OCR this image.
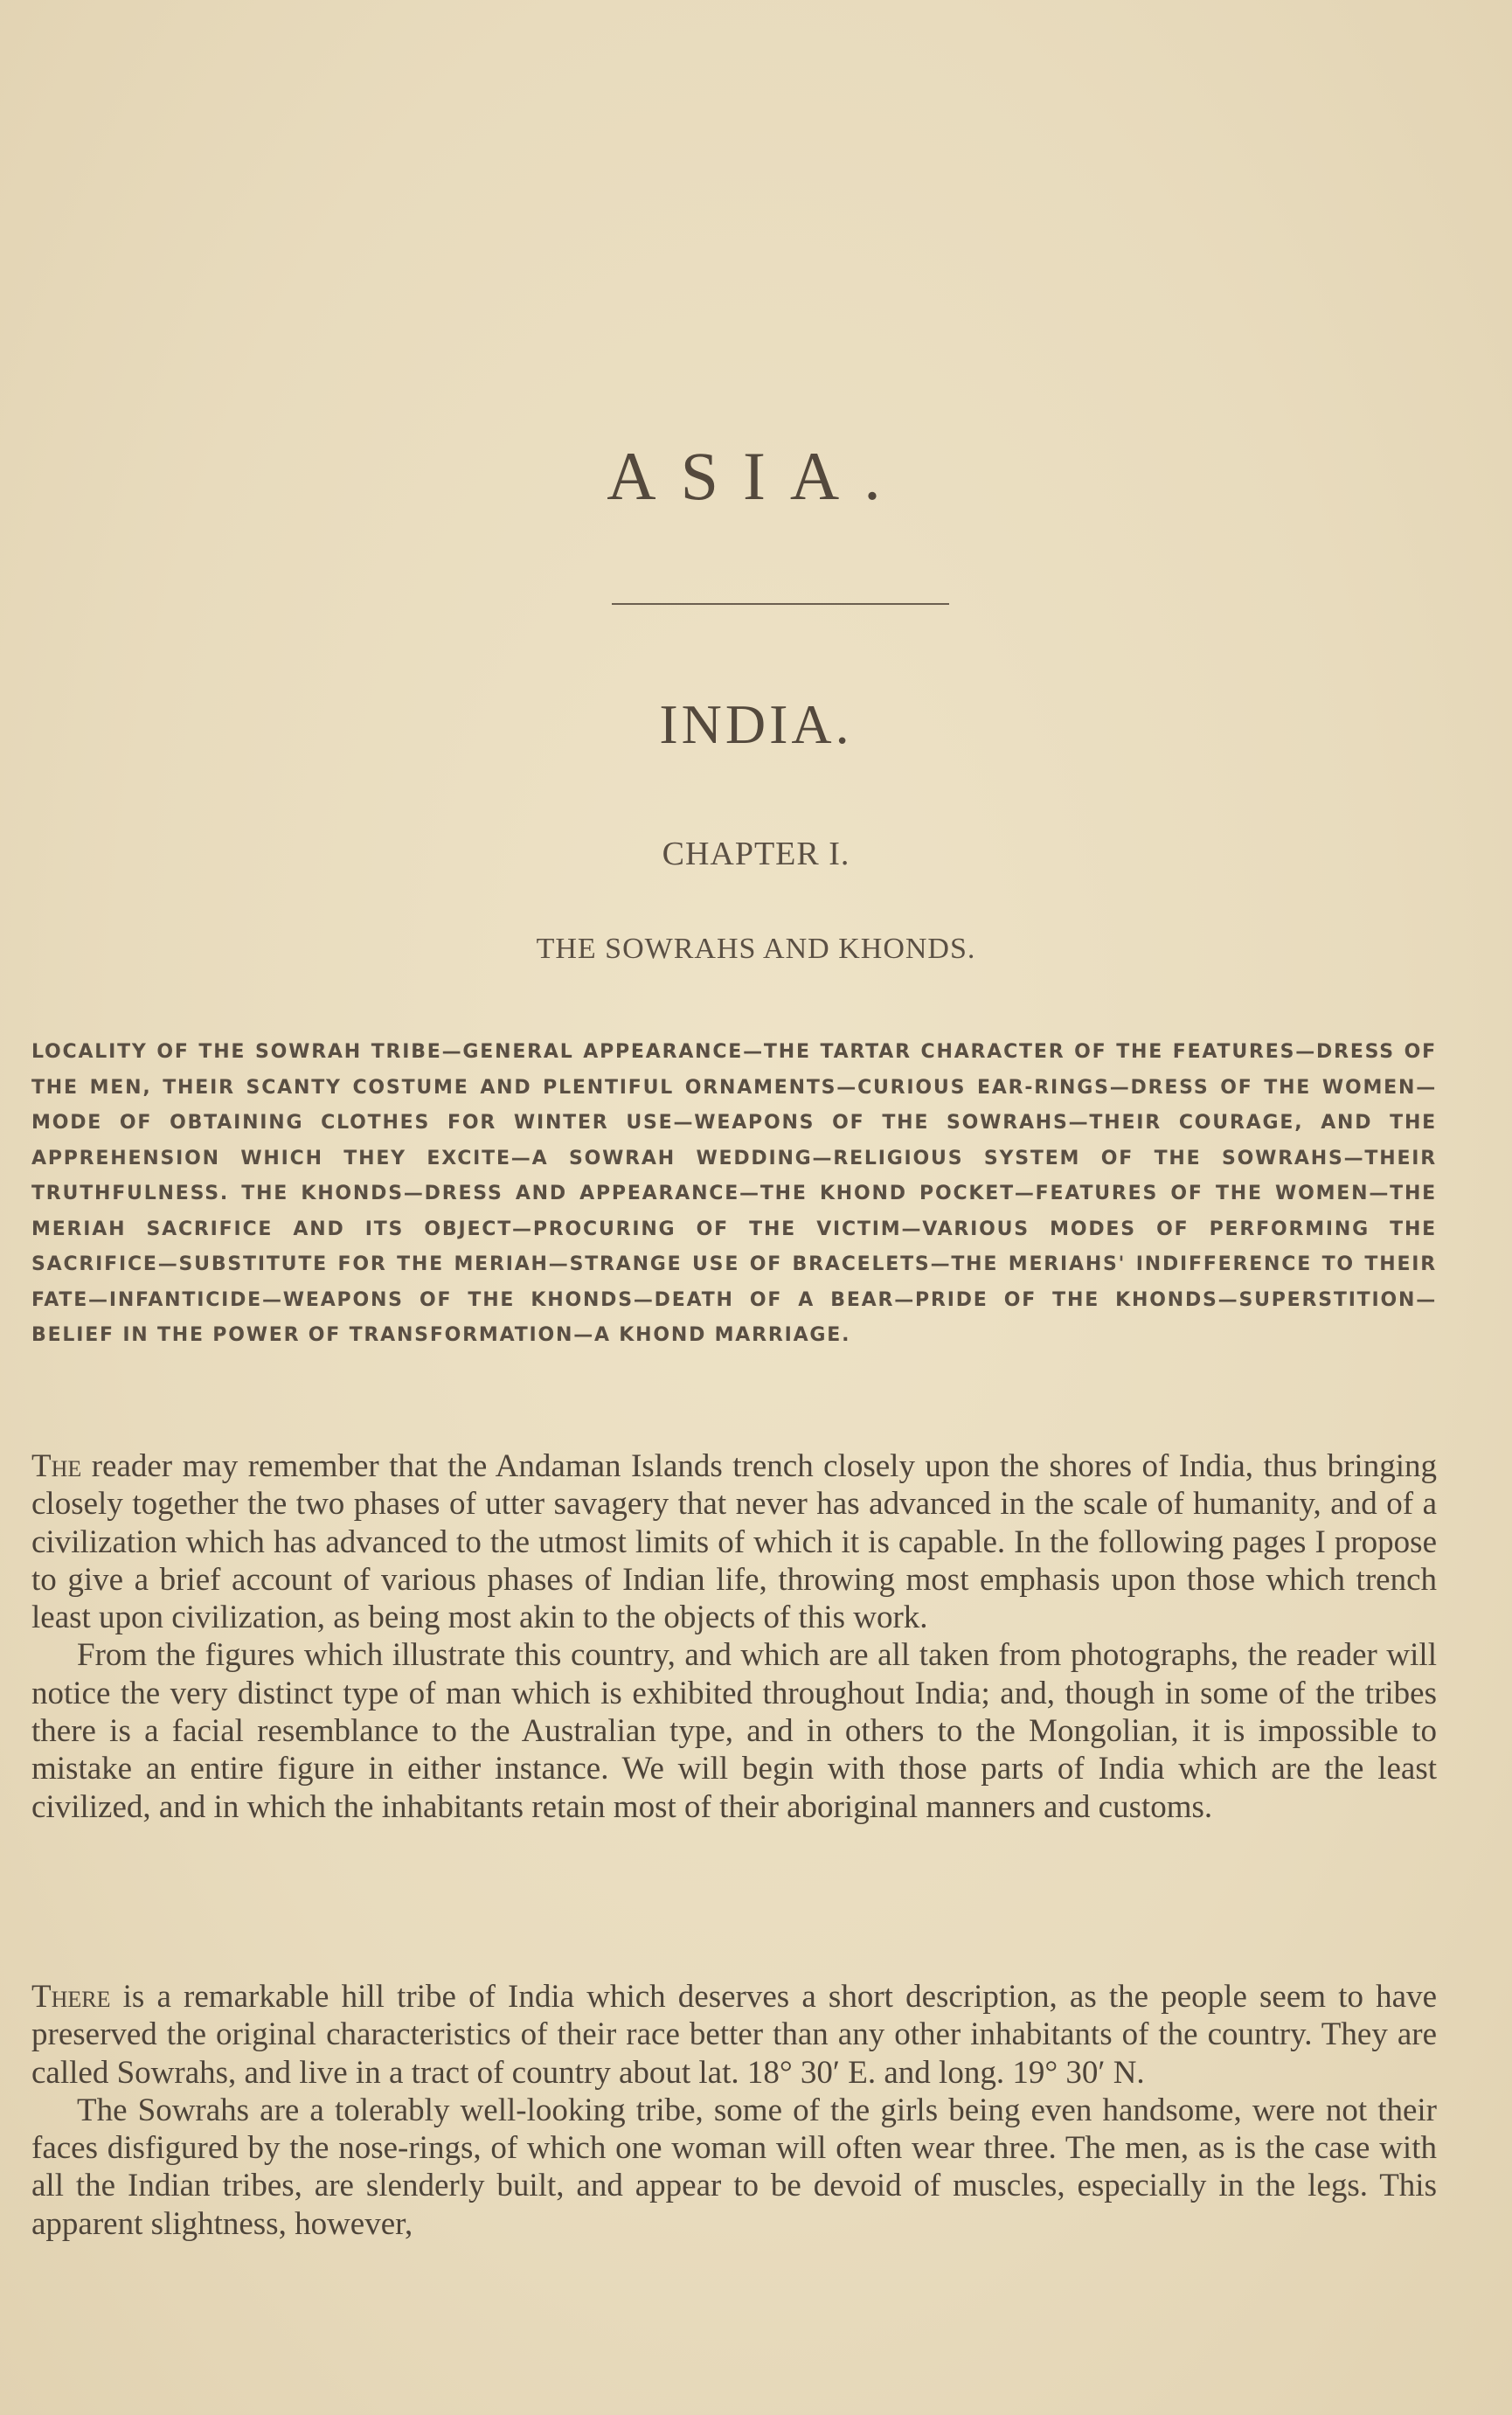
ASIA.
INDIA.
CHAPTER I.
THE SOWRAHS AND KHONDS.

LOCALITY OF THE SOWRAH TRIBE—GENERAL APPEARANCE—THE TARTAR CHARACTER OF THE FEATURES—DRESS OF THE MEN, THEIR SCANTY COSTUME AND PLENTIFUL ORNAMENTS—CURIOUS EAR-RINGS—DRESS OF THE WOMEN—MODE OF OBTAINING CLOTHES FOR WINTER USE—WEAPONS OF THE SOWRAHS—THEIR COURAGE, AND THE APPREHENSION WHICH THEY EXCITE—A SOWRAH WEDDING—RELIGIOUS SYSTEM OF THE SOWRAHS—THEIR TRUTHFULNESS. THE KHONDS—DRESS AND APPEARANCE—THE KHOND POCKET—FEATURES OF THE WOMEN—THE MERIAH SACRIFICE AND ITS OBJECT—PROCURING OF THE VICTIM—VARIOUS MODES OF PERFORMING THE SACRIFICE—SUBSTITUTE FOR THE MERIAH—STRANGE USE OF BRACELETS—THE MERIAHS' INDIFFERENCE TO THEIR FATE—INFANTICIDE—WEAPONS OF THE KHONDS—DEATH OF A BEAR—PRIDE OF THE KHONDS—SUPERSTITION—BELIEF IN THE POWER OF TRANSFORMATION—A KHOND MARRIAGE.

The reader may remember that the Andaman Islands trench closely upon the shores of India, thus bringing closely together the two phases of utter savagery that never has advanced in the scale of humanity, and of a civilization which has advanced to the utmost limits of which it is capable. In the following pages I propose to give a brief account of various phases of Indian life, throwing most emphasis upon those which trench least upon civilization, as being most akin to the objects of this work.

From the figures which illustrate this country, and which are all taken from photographs, the reader will notice the very distinct type of man which is exhibited throughout India; and, though in some of the tribes there is a facial resemblance to the Australian type, and in others to the Mongolian, it is impossible to mistake an entire figure in either instance. We will begin with those parts of India which are the least civilized, and in which the inhabitants retain most of their aboriginal manners and customs.

There is a remarkable hill tribe of India which deserves a short description, as the people seem to have preserved the original characteristics of their race better than any other inhabitants of the country. They are called Sowrahs, and live in a tract of country about lat. 18° 30′ E. and long. 19° 30′ N.

The Sowrahs are a tolerably well-looking tribe, some of the girls being even handsome, were not their faces disfigured by the nose-rings, of which one woman will often wear three. The men, as is the case with all the Indian tribes, are slenderly built, and appear to be devoid of muscles, especially in the legs. This apparent slightness, however,
